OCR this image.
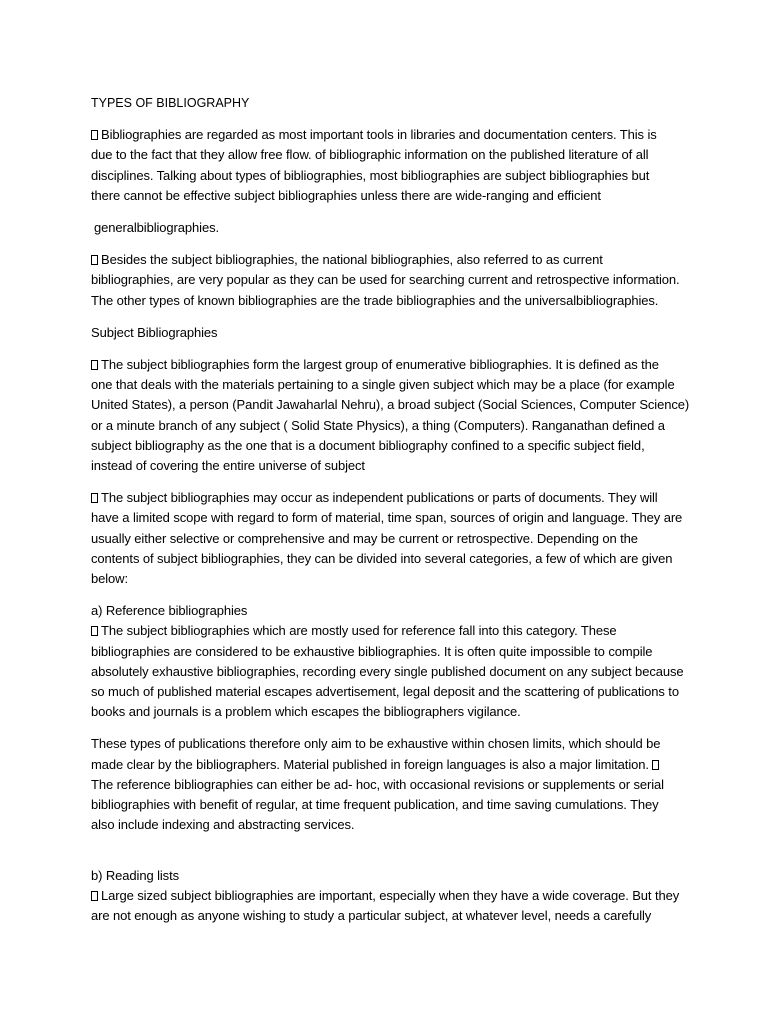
TYPES OF BIBLIOGRAPHY

Bibliographies are regarded as most important tools in libraries and documentation centers. This is
due to the fact that they allow free flow. of bibliographic information on the published literature of all
disciplines. Talking about types of bibliographies, most bibliographies are subject bibliographies but
there cannot be effective subject bibliographies unless there are wide-ranging and efficient

generalbibliographies.

Besides the subject bibliographies, the national bibliographies, also referred to as current
bibliographies, are very popular as they can be used for searching current and retrospective information.
The other types of known bibliographies are the trade bibliographies and the universalbibliographies.

Subject Bibliographies

The subject bibliographies form the largest group of enumerative bibliographies. It is defined as the
one that deals with the materials pertaining to a single given subject which may be a place (for example
United States), a person (Pandit Jawaharlal Nehru), a broad subject (Social Sciences, Computer Science)
or a minute branch of any subject ( Solid State Physics), a thing (Computers). Ranganathan defined a
subject bibliography as the one that is a document bibliography confined to a specific subject field,
instead of covering the entire universe of subject

The subject bibliographies may occur as independent publications or parts of documents. They will
have a limited scope with regard to form of material, time span, sources of origin and language. They are
usually either selective or comprehensive and may be current or retrospective. Depending on the
contents of subject bibliographies, they can be divided into several categories, a few of which are given
below:

a) Reference bibliographies
The subject bibliographies which are mostly used for reference fall into this category. These
bibliographies are considered to be exhaustive bibliographies. It is often quite impossible to compile
absolutely exhaustive bibliographies, recording every single published document on any subject because
so much of published material escapes advertisement, legal deposit and the scattering of publications to
books and journals is a problem which escapes the bibliographers vigilance.

These types of publications therefore only aim to be exhaustive within chosen limits, which should be
made clear by the bibliographers. Material published in foreign languages is also a major limitation.
The reference bibliographies can either be ad- hoc, with occasional revisions or supplements or serial
bibliographies with benefit of regular, at time frequent publication, and time saving cumulations. They
also include indexing and abstracting services.

b) Reading lists
Large sized subject bibliographies are important, especially when they have a wide coverage. But they
are not enough as anyone wishing to study a particular subject, at whatever level, needs a carefully
